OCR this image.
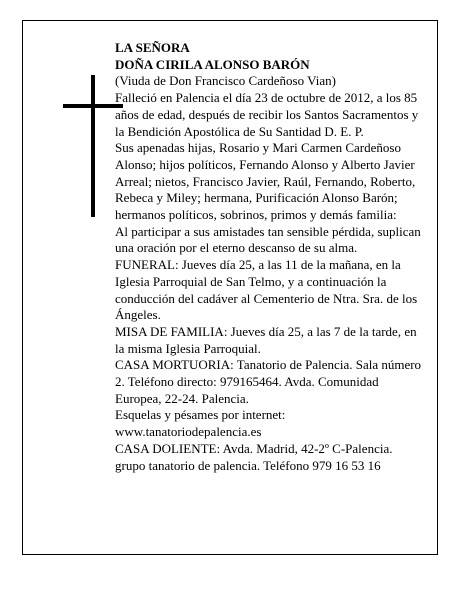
LA SEÑORA

DOÑA CIRILA ALONSO BARÓN

(Viuda de Don Francisco Cardeñoso Vian)

Falleció en Palencia el día 23 de octubre de 2012, a los 85 años de edad, después de recibir los Santos Sacramentos y la Bendición Apostólica de Su Santidad D. E. P.

Sus apenadas hijas, Rosario y Mari Carmen Cardeñoso Alonso; hijos políticos, Fernando Alonso y Alberto Javier Arreal; nietos, Francisco Javier, Raúl, Fernando, Roberto, Rebeca y Miley; hermana, Purificación Alonso Barón; hermanos políticos, sobrinos, primos y demás familia:

Al participar a sus amistades tan sensible pérdida, suplican una oración por el eterno descanso de su alma.

FUNERAL: Jueves día 25, a las 11 de la mañana, en la Iglesia Parroquial de San Telmo, y a continuación la conducción del cadáver al Cementerio de Ntra. Sra. de los Ángeles.

MISA DE FAMILIA: Jueves día 25, a las 7 de la tarde, en la misma Iglesia Parroquial.

CASA MORTUORIA: Tanatorio de Palencia. Sala número 2. Teléfono directo: 979165464. Avda. Comunidad Europea, 22-24. Palencia.

Esquelas y pésames por internet: www.tanatoriodepalencia.es

CASA DOLIENTE: Avda. Madrid, 42-2º C-Palencia. grupo tanatorio de palencia. Teléfono 979 16 53 16
